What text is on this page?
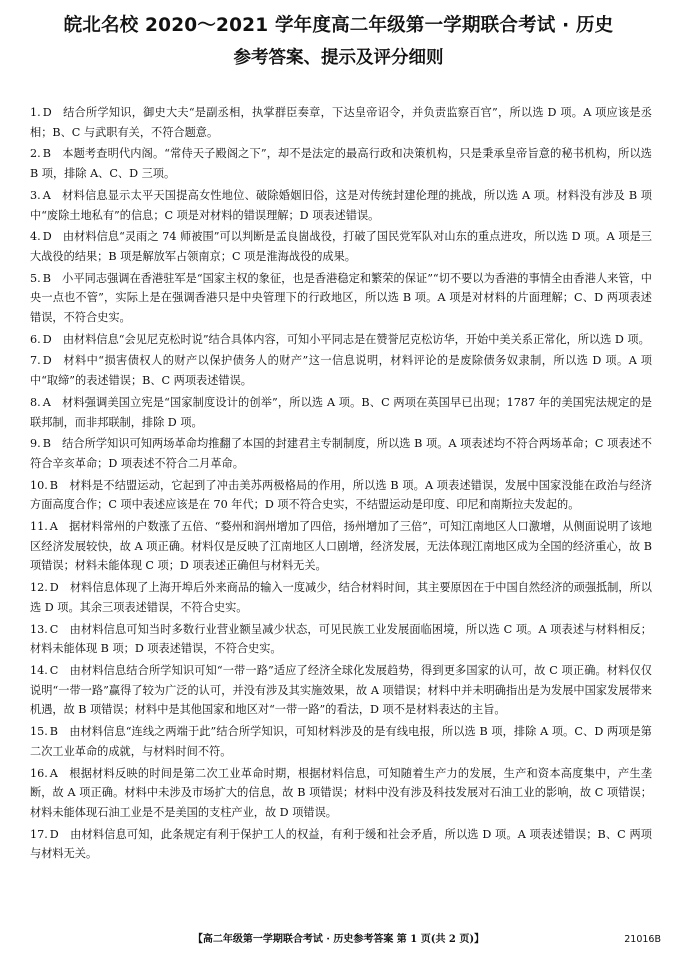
皖北名校 2020～2021 学年度高二年级第一学期联合考试 · 历史
参考答案、提示及评分细则

1. D  结合所学知识，御史大夫“是副丞相，执掌群臣奏章，下达皇帝诏令，并负责监察百官”，所以选 D 项。A 项应该是丞相；B、C 与武职有关，不符合题意。

2. B  本题考查明代内阁。“常侍天子殿阁之下”，却不是法定的最高行政和决策机构，只是秉承皇帝旨意的秘书机构，所以选 B 项，排除 A、C、D 三项。

3. A  材料信息显示太平天国提高女性地位、破除婚姻旧俗，这是对传统封建伦理的挑战，所以选 A 项。材料没有涉及 B 项中“废除土地私有”的信息；C 项是对材料的错误理解；D 项表述错误。

4. D  由材料信息“灵雨之 74 师被围”可以判断是孟良崮战役，打破了国民党军队对山东的重点进攻，所以选 D 项。A 项是三大战役的结果；B 项是解放军占领南京；C 项是淮海战役的成果。

5. B  小平同志强调在香港驻军是“国家主权的象征，也是香港稳定和繁荣的保证”“切不要以为香港的事情全由香港人来管，中央一点也不管”，实际上是在强调香港只是中央管理下的行政地区，所以选 B 项。A 项是对材料的片面理解；C、D 两项表述错误，不符合史实。

6. D  由材料信息“会见尼克松时说”结合具体内容，可知小平同志是在赞誉尼克松访华，开始中美关系正常化，所以选 D 项。

7. D  材料中“损害债权人的财产以保护债务人的财产”这一信息说明，材料评论的是废除债务奴隶制，所以选 D 项。A 项中“取缔”的表述错误；B、C 两项表述错误。

8. A  材料强调美国立宪是“国家制度设计的创举”，所以选 A 项。B、C 两项在英国早已出现；1787 年的美国宪法规定的是联邦制，而非邦联制，排除 D 项。

9. B  结合所学知识可知两场革命均推翻了本国的封建君主专制制度，所以选 B 项。A 项表述均不符合两场革命；C 项表述不符合辛亥革命；D 项表述不符合二月革命。

10. B  材料是不结盟运动，它起到了冲击美苏两极格局的作用，所以选 B 项。A 项表述错误，发展中国家没能在政治与经济方面高度合作；C 项中表述应该是在 70 年代；D 项不符合史实，不结盟运动是印度、印尼和南斯拉夫发起的。

11. A  据材料常州的户数涨了五倍、“婺州和润州增加了四倍，扬州增加了三倍”，可知江南地区人口激增，从侧面说明了该地区经济发展较快，故 A 项正确。材料仅是反映了江南地区人口剧增，经济发展，无法体现江南地区成为全国的经济重心，故 B 项错误；材料未能体现 C 项；D 项表述正确但与材料无关。

12. D  材料信息体现了上海开埠后外来商品的输入一度减少，结合材料时间，其主要原因在于中国自然经济的顽强抵制，所以选 D 项。其余三项表述错误，不符合史实。

13. C  由材料信息可知当时多数行业营业额呈减少状态，可见民族工业发展面临困境，所以选 C 项。A 项表述与材料相反；材料未能体现 B 项；D 项表述错误，不符合史实。

14. C  由材料信息结合所学知识可知“一带一路”适应了经济全球化发展趋势，得到更多国家的认可，故 C 项正确。材料仅仅说明“一带一路”赢得了较为广泛的认可，并没有涉及其实施效果，故 A 项错误；材料中并未明确指出是为发展中国家发展带来机遇，故 B 项错误；材料中是其他国家和地区对“一带一路”的看法，D 项不是材料表达的主旨。

15. B  由材料信息“连线之两端于此”结合所学知识，可知材料涉及的是有线电报，所以选 B 项，排除 A 项。C、D 两项是第二次工业革命的成就，与材料时间不符。

16. A  根据材料反映的时间是第二次工业革命时期，根据材料信息，可知随着生产力的发展，生产和资本高度集中，产生垄断，故 A 项正确。材料中未涉及市场扩大的信息，故 B 项错误；材料中没有涉及科技发展对石油工业的影响，故 C 项错误；材料未能体现石油工业是不是美国的支柱产业，故 D 项错误。

17. D  由材料信息可知，此条规定有利于保护工人的权益，有利于缓和社会矛盾，所以选 D 项。A 项表述错误；B、C 两项与材料无关。

【高二年级第一学期联合考试 · 历史参考答案 第 1 页(共 2 页)】	21016B
